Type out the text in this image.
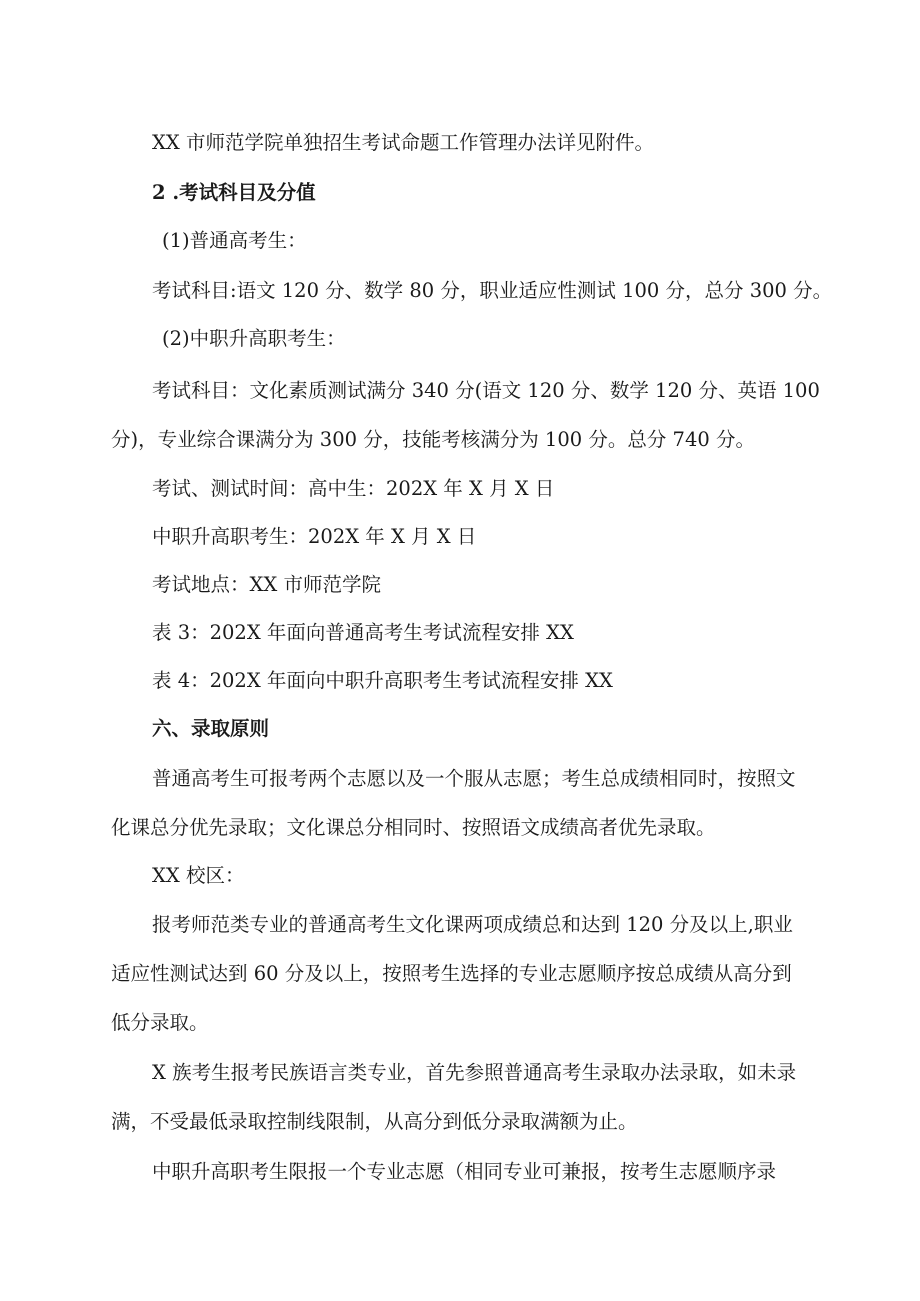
XX 市师范学院单独招生考试命题工作管理办法详见附件。
2 .考试科目及分值
(1)普通高考生：
考试科目:语文 120 分、数学 80 分，职业适应性测试 100 分，总分 300 分。
(2)中职升高职考生：
考试科目：文化素质测试满分 340 分(语文 120 分、数学 120 分、英语 100
分)，专业综合课满分为 300 分，技能考核满分为 100 分。总分 740 分。
考试、测试时间：高中生：202X 年 X 月 X 日
中职升高职考生：202X 年 X 月 X 日
考试地点：XX 市师范学院
表 3：202X 年面向普通高考生考试流程安排 XX
表 4：202X 年面向中职升高职考生考试流程安排 XX
六、录取原则
普通高考生可报考两个志愿以及一个服从志愿；考生总成绩相同时，按照文
化课总分优先录取；文化课总分相同时、按照语文成绩高者优先录取。
XX 校区：
报考师范类专业的普通高考生文化课两项成绩总和达到 120 分及以上,职业
适应性测试达到 60 分及以上，按照考生选择的专业志愿顺序按总成绩从高分到
低分录取。
X 族考生报考民族语言类专业，首先参照普通高考生录取办法录取，如未录
满，不受最低录取控制线限制，从高分到低分录取满额为止。
中职升高职考生限报一个专业志愿（相同专业可兼报，按考生志愿顺序录
